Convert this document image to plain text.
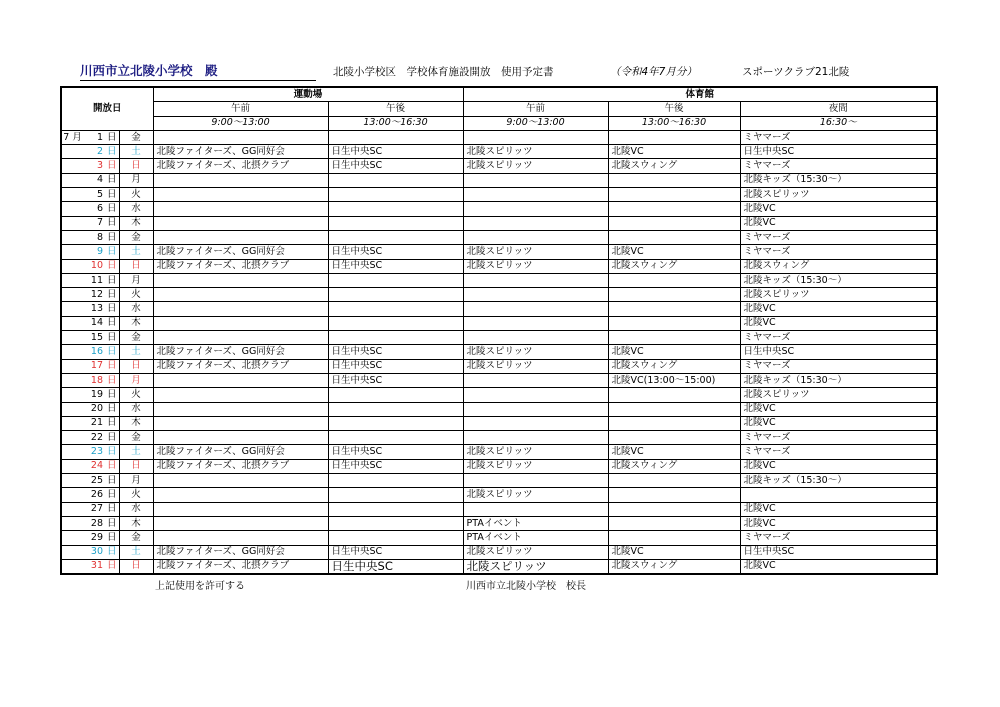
川西市立北陵小学校　殿	北陵小学校区　学校体育施設開放　使用予定書	（令和4年7月分）	スポーツクラブ21北陵
開放日				運動場		体育館		
				午前	午後	午前	午後	夜間
				9:00～13:00	13:00～16:30	9:00～13:00	13:00～16:30	16:30～
7 月	1	日	金					ミヤマーズ
	2	日	土	北陵ファイターズ、GG同好会	日生中央SC	北陵スピリッツ	北陵VC	日生中央SC
	3	日	日	北陵ファイターズ、北摂クラブ	日生中央SC	北陵スピリッツ	北陵スウィング	ミヤマーズ
	4	日	月					北陵キッズ（15:30～）
	5	日	火					北陵スピリッツ
	6	日	水					北陵VC
	7	日	木					北陵VC
	8	日	金					ミヤマーズ
	9	日	土	北陵ファイターズ、GG同好会	日生中央SC	北陵スピリッツ	北陵VC	ミヤマーズ
	10	日	日	北陵ファイターズ、北摂クラブ	日生中央SC	北陵スピリッツ	北陵スウィング	北陵スウィング
	11	日	月					北陵キッズ（15:30～）
	12	日	火					北陵スピリッツ
	13	日	水					北陵VC
	14	日	木					北陵VC
	15	日	金					ミヤマーズ
	16	日	土	北陵ファイターズ、GG同好会	日生中央SC	北陵スピリッツ	北陵VC	日生中央SC
	17	日	日	北陵ファイターズ、北摂クラブ	日生中央SC	北陵スピリッツ	北陵スウィング	ミヤマーズ
	18	日	月		日生中央SC		北陵VC(13:00～15:00)	北陵キッズ（15:30～）
	19	日	火					北陵スピリッツ
	20	日	水					北陵VC
	21	日	木					北陵VC
	22	日	金					ミヤマーズ
	23	日	土	北陵ファイターズ、GG同好会	日生中央SC	北陵スピリッツ	北陵VC	ミヤマーズ
	24	日	日	北陵ファイターズ、北摂クラブ	日生中央SC	北陵スピリッツ	北陵スウィング	北陵VC
	25	日	月					北陵キッズ（15:30～）
	26	日	火			北陵スピリッツ		
	27	日	水					北陵VC
	28	日	木			PTAイベント		北陵VC
	29	日	金			PTAイベント		ミヤマーズ
	30	日	土	北陵ファイターズ、GG同好会	日生中央SC	北陵スピリッツ	北陵VC	日生中央SC
	31	日	日	北陵ファイターズ、北摂クラブ	日生中央SC	北陵スピリッツ	北陵スウィング	北陵VC
上記使用を許可する	川西市立北陵小学校　校長
